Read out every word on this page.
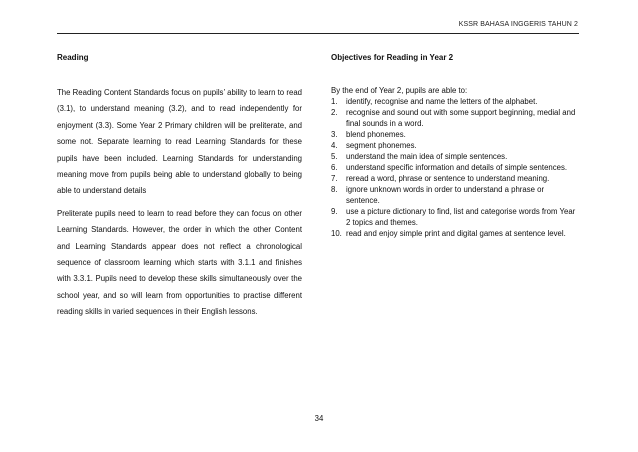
KSSR BAHASA INGGERIS TAHUN 2
Reading

The Reading Content Standards focus on pupils’ ability to learn to read (3.1), to understand meaning (3.2), and to read independently for enjoyment (3.3). Some Year 2 Primary children will be preliterate, and some not. Separate learning to read Learning Standards for these pupils have been included. Learning Standards for understanding meaning move from pupils being able to understand globally to being able to understand details

Preliterate pupils need to learn to read before they can focus on other Learning Standards. However, the order in which the other Content and Learning Standards appear does not reflect a chronological sequence of classroom learning which starts with 3.1.1 and finishes with 3.3.1. Pupils need to develop these skills simultaneously over the school year, and so will learn from opportunities to practise different reading skills in varied sequences in their English lessons.

Objectives for Reading in Year 2

By the end of Year 2, pupils are able to:

1.	identify, recognise and name the letters of the alphabet.
2.	recognise and sound out with some support beginning, medial and final sounds in a word.
3.	blend phonemes.
4.	segment phonemes.
5.	understand the main idea of simple sentences.
6.	understand specific information and details of simple sentences.
7.	reread a word, phrase or sentence to understand meaning.
8.	ignore unknown words in order to understand a phrase or sentence.
9.	use a picture dictionary to find, list and categorise words from Year 2 topics and themes.
10. read and enjoy simple print and digital games at sentence level.
34
